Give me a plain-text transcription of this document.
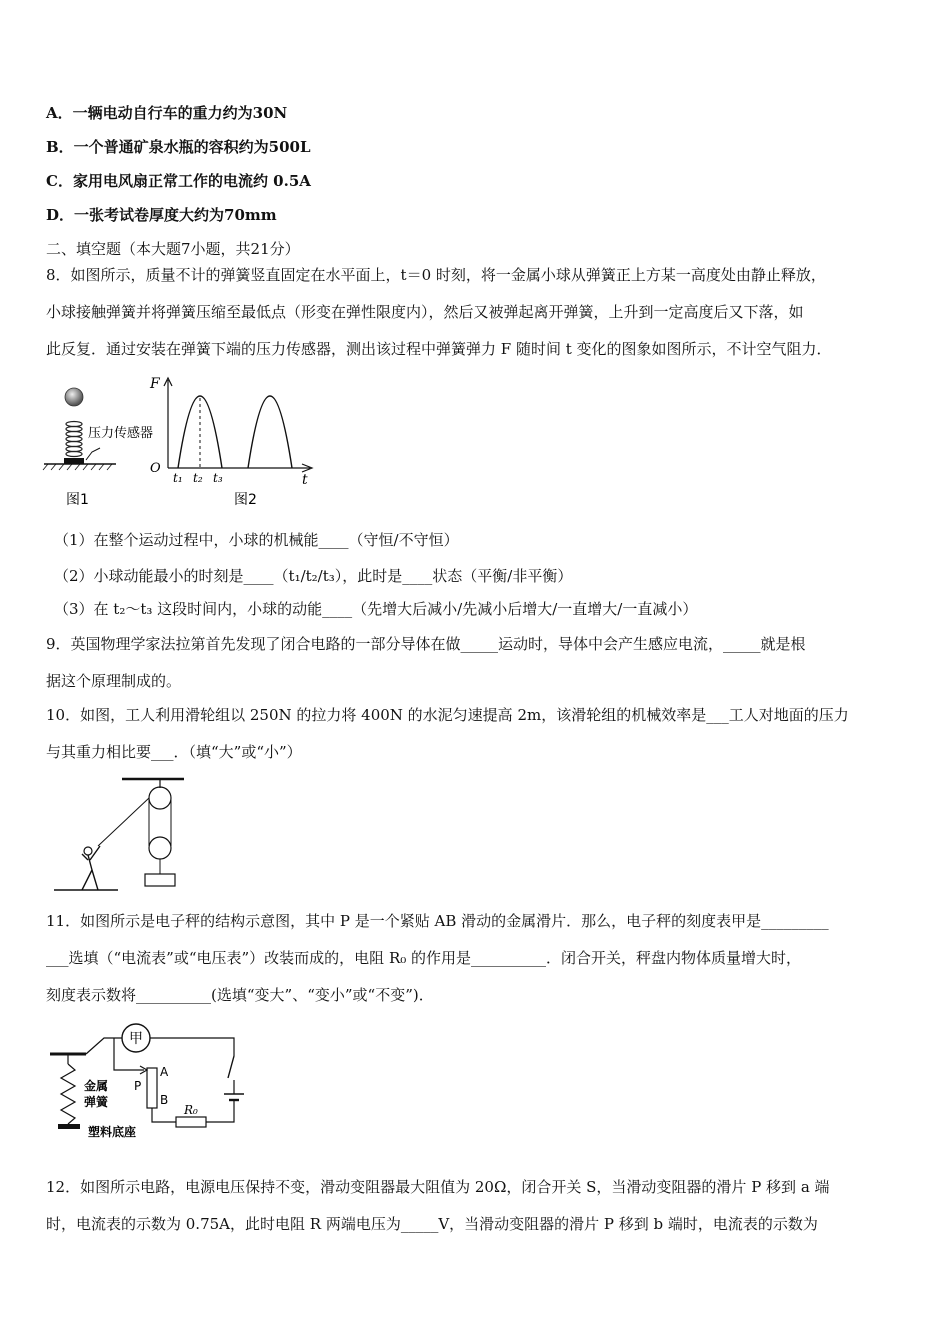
A．一辆电动自行车的重力约为30N
B．一个普通矿泉水瓶的容积约为500L
C．家用电风扇正常工作的电流约 0.5A
D．一张考试卷厚度大约为70mm
二、填空题（本大题7小题，共21分）
8．如图所示，质量不计的弹簧竖直固定在水平面上，t＝0 时刻，将一金属小球从弹簧正上方某一高度处由静止释放，
小球接触弹簧并将弹簧压缩至最低点（形变在弹性限度内），然后又被弹起离开弹簧，上升到一定高度后又下落，如
此反复．通过安装在弹簧下端的压力传感器，测出该过程中弹簧弹力 F 随时间 t 变化的图象如图所示，不计空气阻力．
压力传感器
图1
F
t
O
t₁ t₂ t₃
图2
（1）在整个运动过程中，小球的机械能____（守恒/不守恒）
（2）小球动能最小的时刻是____（t₁/t₂/t₃），此时是____状态（平衡/非平衡）
（3）在 t₂～t₃ 这段时间内，小球的动能____（先增大后减小/先减小后增大/一直增大/一直减小）
9．英国物理学家法拉第首先发现了闭合电路的一部分导体在做_____运动时，导体中会产生感应电流，_____就是根
据这个原理制成的。
10．如图，工人利用滑轮组以 250N 的拉力将 400N 的水泥匀速提高 2m，该滑轮组的机械效率是___工人对地面的压力
与其重力相比要___．（填“大”或“小”）
11．如图所示是电子秤的结构示意图，其中 P 是一个紧贴 AB 滑动的金属滑片．那么，电子秤的刻度表甲是_________
___选填（“电流表”或“电压表”）改装而成的，电阻 R₀ 的作用是__________．闭合开关，秤盘内物体质量增大时，
刻度表示数将__________(选填“变大”、“变小”或“不变”)．
金属
弹簧
塑料底座
甲
R₀
A
B
P
12．如图所示电路，电源电压保持不变，滑动变阻器最大阻值为 20Ω，闭合开关 S，当滑动变阻器的滑片 P 移到 a 端
时，电流表的示数为 0.75A，此时电阻 R 两端电压为_____V，当滑动变阻器的滑片 P 移到 b 端时，电流表的示数为
